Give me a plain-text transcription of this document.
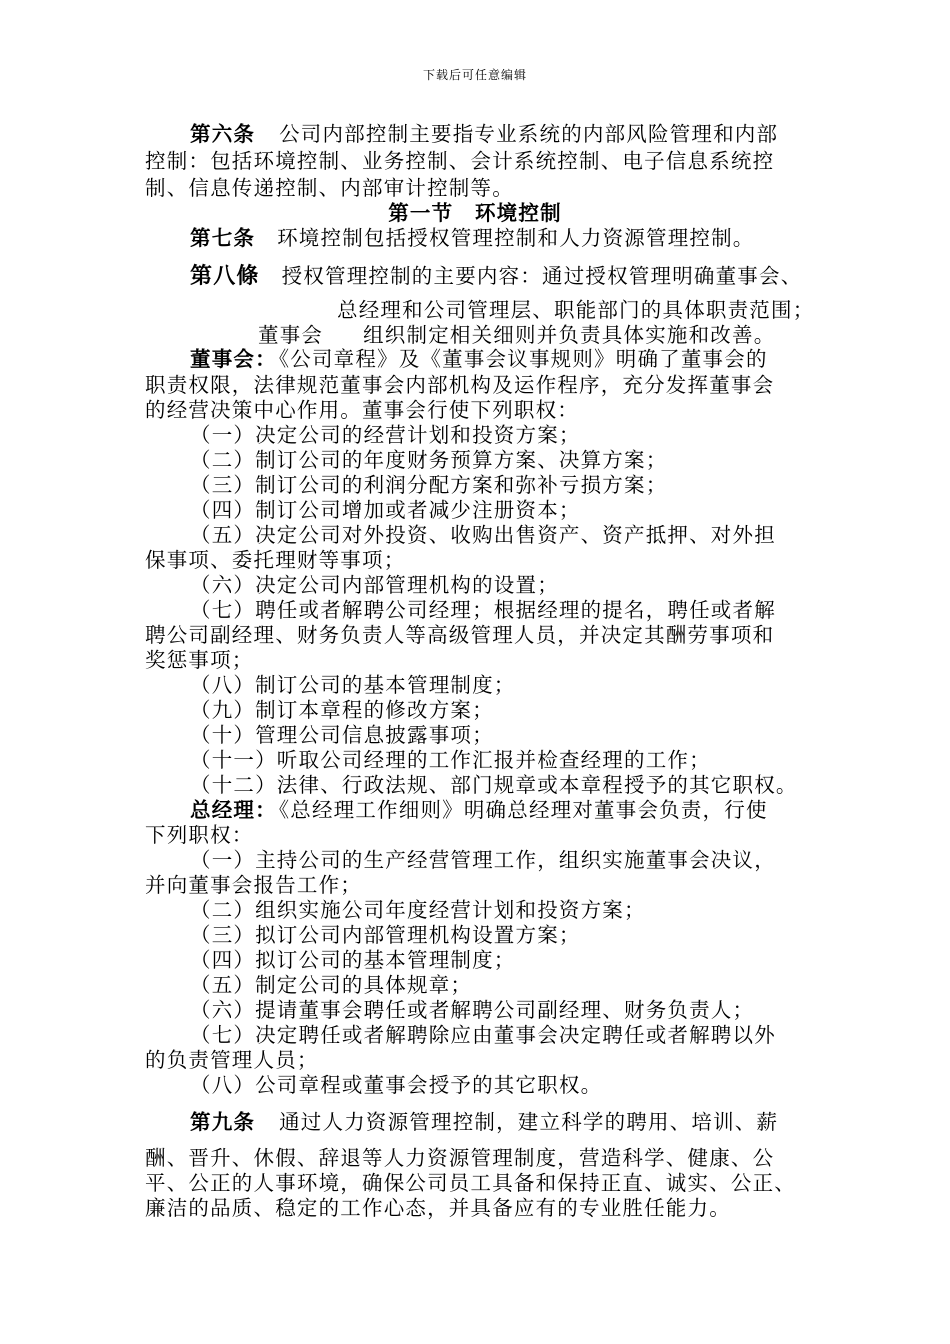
下载后可任意编辑
第六条 公司内部控制主要指专业系统的内部风险管理和内部
控制：包括环境控制、业务控制、会计系统控制、电子信息系统控
制、信息传递控制、内部审计控制等。
第一节　环境控制
第七条 环境控制包括授权管理控制和人力资源管理控制。
第八條 授权管理控制的主要内容：通过授权管理明确董事会、
总经理和公司管理层、职能部门的具体职责范围；
董事会 组织制定相关细则并负责具体实施和改善。
董事会：《公司章程》及《董事会议事规则》明确了董事会的
职责权限，法律规范董事会内部机构及运作程序，充分发挥董事会
的经营决策中心作用。董事会行使下列职权：
（一）决定公司的经营计划和投资方案；
（二）制订公司的年度财务预算方案、决算方案；
（三）制订公司的利润分配方案和弥补亏损方案；
（四）制订公司增加或者减少注册资本；
（五）决定公司对外投资、收购出售资产、资产抵押、对外担
保事项、委托理财等事项；
（六）决定公司内部管理机构的设置；
（七）聘任或者解聘公司经理；根据经理的提名，聘任或者解
聘公司副经理、财务负责人等高级管理人员，并决定其酬劳事项和
奖惩事项；
（八）制订公司的基本管理制度；
（九）制订本章程的修改方案；
（十）管理公司信息披露事项；
（十一）听取公司经理的工作汇报并检查经理的工作；
（十二）法律、行政法规、部门规章或本章程授予的其它职权。
总经理：《总经理工作细则》明确总经理对董事会负责，行使
下列职权：
（一）主持公司的生产经营管理工作，组织实施董事会决议，
并向董事会报告工作；
（二）组织实施公司年度经营计划和投资方案；
（三）拟订公司内部管理机构设置方案；
（四）拟订公司的基本管理制度；
（五）制定公司的具体规章；
（六）提请董事会聘任或者解聘公司副经理、财务负责人；
（七）决定聘任或者解聘除应由董事会决定聘任或者解聘以外
的负责管理人员；
（八）公司章程或董事会授予的其它职权。
第九条 通过人力资源管理控制，建立科学的聘用、培训、薪
酬、晋升、休假、辞退等人力资源管理制度，营造科学、健康、公
平、公正的人事环境，确保公司员工具备和保持正直、诚实、公正、
廉洁的品质、稳定的工作心态，并具备应有的专业胜任能力。
